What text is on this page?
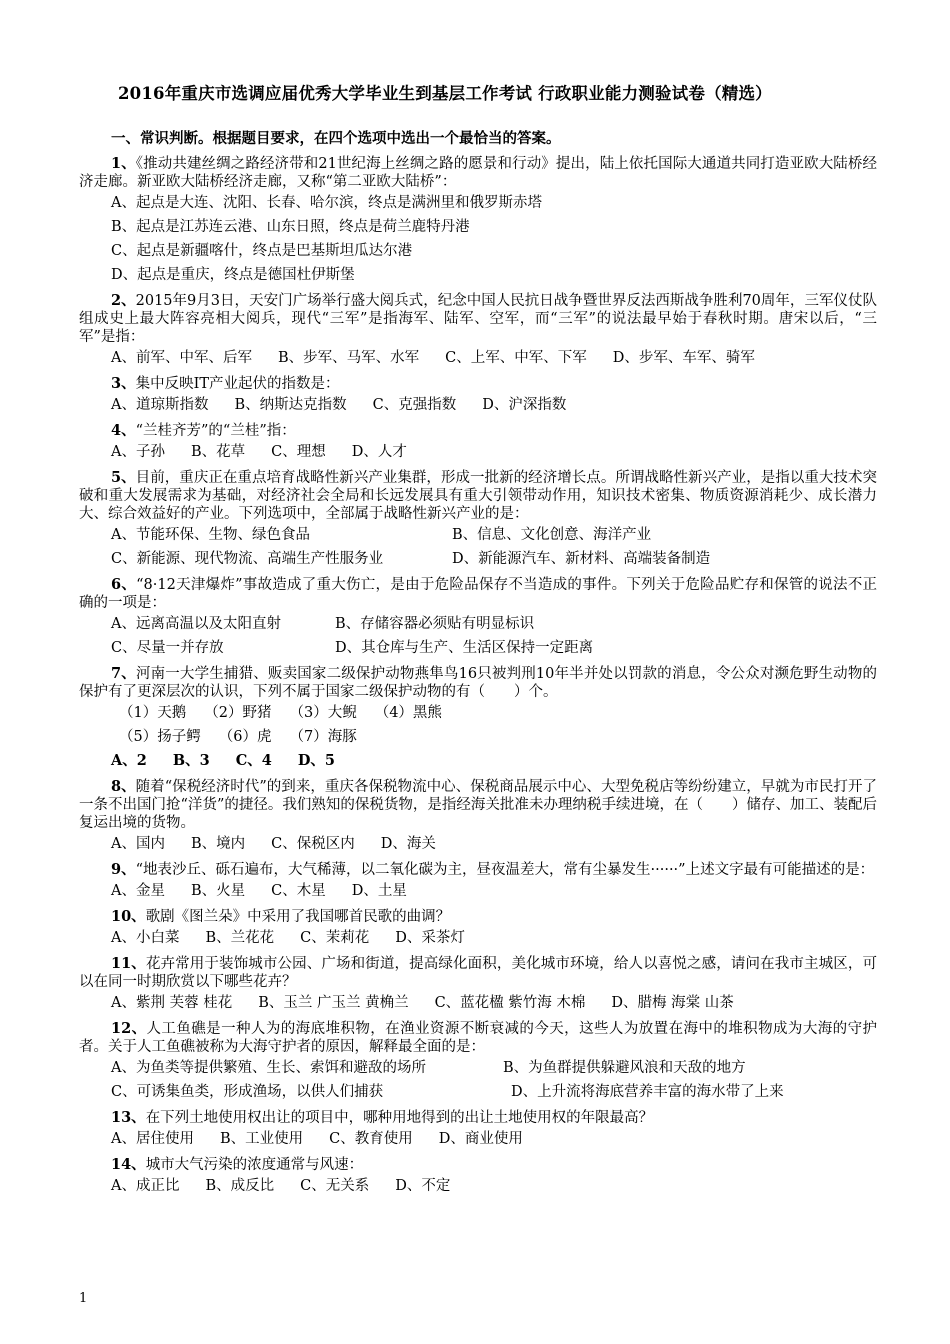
2016年重庆市选调应届优秀大学毕业生到基层工作考试 行政职业能力测验试卷（精选）
一、常识判断。根据题目要求，在四个选项中选出一个最恰当的答案。
1、《推动共建丝绸之路经济带和21世纪海上丝绸之路的愿景和行动》提出，陆上依托国际大通道共同打造亚欧大陆桥经济走廊。新亚欧大陆桥经济走廊，又称“第二亚欧大陆桥”：
A、起点是大连、沈阳、长春、哈尔滨，终点是满洲里和俄罗斯赤塔
B、起点是江苏连云港、山东日照，终点是荷兰鹿特丹港
C、起点是新疆喀什，终点是巴基斯坦瓜达尔港
D、起点是重庆，终点是德国杜伊斯堡
2、2015年9月3日，天安门广场举行盛大阅兵式，纪念中国人民抗日战争暨世界反法西斯战争胜利70周年，三军仪仗队组成史上最大阵容亮相大阅兵，现代“三军”是指海军、陆军、空军，而“三军”的说法最早始于春秋时期。唐宋以后，“三军”是指：
A、前军、中军、后军 B、步军、马军、水军 C、上军、中军、下军 D、步军、车军、骑军
3、集中反映IT产业起伏的指数是：
A、道琼斯指数 B、纳斯达克指数 C、克强指数 D、沪深指数
4、“兰桂齐芳”的“兰桂”指：
A、子孙 B、花草 C、理想 D、人才
5、目前，重庆正在重点培育战略性新兴产业集群，形成一批新的经济增长点。所谓战略性新兴产业，是指以重大技术突破和重大发展需求为基础，对经济社会全局和长远发展具有重大引领带动作用，知识技术密集、物质资源消耗少、成长潜力大、综合效益好的产业。下列选项中，全部属于战略性新兴产业的是：
A、节能环保、生物、绿色食品	B、信息、文化创意、海洋产业
C、新能源、现代物流、高端生产性服务业	D、新能源汽车、新材料、高端装备制造
6、“8·12天津爆炸”事故造成了重大伤亡，是由于危险品保存不当造成的事件。下列关于危险品贮存和保管的说法不正确的一项是：
A、远离高温以及太阳直射	B、存储容器必须贴有明显标识
C、尽量一并存放	D、其仓库与生产、生活区保持一定距离
7、河南一大学生捕猎、贩卖国家二级保护动物燕隼鸟16只被判刑10年半并处以罚款的消息，令公众对濒危野生动物的保护有了更深层次的认识，下列不属于国家二级保护动物的有（　　）个。
（1）天鹅 （2）野猪 （3）大鲵 （4）黑熊
（5）扬子鳄 （6）虎 （7）海豚
A、2 B、3 C、4 D、5
8、随着“保税经济时代”的到来，重庆各保税物流中心、保税商品展示中心、大型免税店等纷纷建立，早就为市民打开了一条不出国门抢“洋货”的捷径。我们熟知的保税货物，是指经海关批准未办理纳税手续进境，在（　　）储存、加工、装配后复运出境的货物。
A、国内 B、境内 C、保税区内 D、海关
9、“地表沙丘、砾石遍布，大气稀薄，以二氧化碳为主，昼夜温差大，常有尘暴发生······”上述文字最有可能描述的是：
A、金星 B、火星 C、木星 D、土星
10、歌剧《图兰朵》中采用了我国哪首民歌的曲调？
A、小白菜 B、兰花花 C、茉莉花 D、采茶灯
11、花卉常用于装饰城市公园、广场和街道，提高绿化面积，美化城市环境，给人以喜悦之感，请问在我市主城区，可以在同一时期欣赏以下哪些花卉？
A、紫荆 芙蓉 桂花 B、玉兰 广玉兰 黄桷兰 C、蓝花楹 紫竹海 木棉 D、腊梅 海棠 山茶
12、人工鱼礁是一种人为的海底堆积物，在渔业资源不断衰减的今天，这些人为放置在海中的堆积物成为大海的守护者。关于人工鱼礁被称为大海守护者的原因，解释最全面的是：
A、为鱼类等提供繁殖、生长、索饵和避敌的场所	B、为鱼群提供躲避风浪和天敌的地方
C、可诱集鱼类，形成渔场，以供人们捕获	D、上升流将海底营养丰富的海水带了上来
13、在下列土地使用权出让的项目中，哪种用地得到的出让土地使用权的年限最高？
A、居住使用 B、工业使用 C、教育使用 D、商业使用
14、城市大气污染的浓度通常与风速：
A、成正比 B、成反比 C、无关系 D、不定
1
